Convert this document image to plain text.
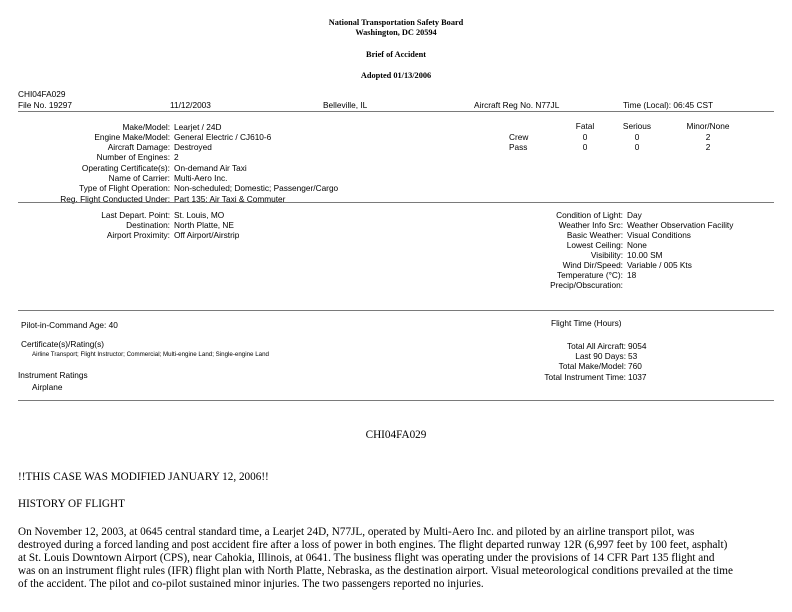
National Transportation Safety Board
Washington, DC 20594
Brief of Accident
Adopted 01/13/2006
CHI04FA029
File No. 19297	11/12/2003	Belleville, IL	Aircraft Reg No. N77JL	Time (Local): 06:45 CST
Make/Model: Learjet / 24D
Engine Make/Model: General Electric / CJ610-6
Aircraft Damage: Destroyed
Number of Engines: 2
Operating Certificate(s): On-demand Air Taxi
Name of Carrier: Multi-Aero Inc.
Type of Flight Operation: Non-scheduled; Domestic; Passenger/Cargo
Reg. Flight Conducted Under: Part 135: Air Taxi & Commuter
	Fatal	Serious	Minor/None
Crew	0	0	2
Pass	0	0	2
Last Depart. Point: St. Louis, MO
Destination: North Platte, NE
Airport Proximity: Off Airport/Airstrip
Condition of Light: Day
Weather Info Src: Weather Observation Facility
Basic Weather: Visual Conditions
Lowest Ceiling: None
Visibility: 10.00 SM
Wind Dir/Speed: Variable / 005 Kts
Temperature (°C): 18
Precip/Obscuration:
Pilot-in-Command Age: 40
Certificate(s)/Rating(s)
Airline Transport; Flight Instructor; Commercial; Multi-engine Land; Single-engine Land
Instrument Ratings
Airplane
Flight Time (Hours)
Total All Aircraft: 9054
Last 90 Days: 53
Total Make/Model: 760
Total Instrument Time: 1037
CHI04FA029
!!THIS CASE WAS MODIFIED JANUARY 12, 2006!!
HISTORY OF FLIGHT
On November 12, 2003, at 0645 central standard time, a Learjet 24D, N77JL, operated by Multi-Aero Inc. and piloted by an airline transport pilot, was
destroyed during a forced landing and post accident fire after a loss of power in both engines. The flight departed runway 12R (6,997 feet by 100 feet, asphalt)
at St. Louis Downtown Airport (CPS), near Cahokia, Illinois, at 0641. The business flight was operating under the provisions of 14 CFR Part 135 flight and
was on an instrument flight rules (IFR) flight plan with North Platte, Nebraska, as the destination airport. Visual meteorological conditions prevailed at the time
of the accident. The pilot and co-pilot sustained minor injuries. The two passengers reported no injuries.
